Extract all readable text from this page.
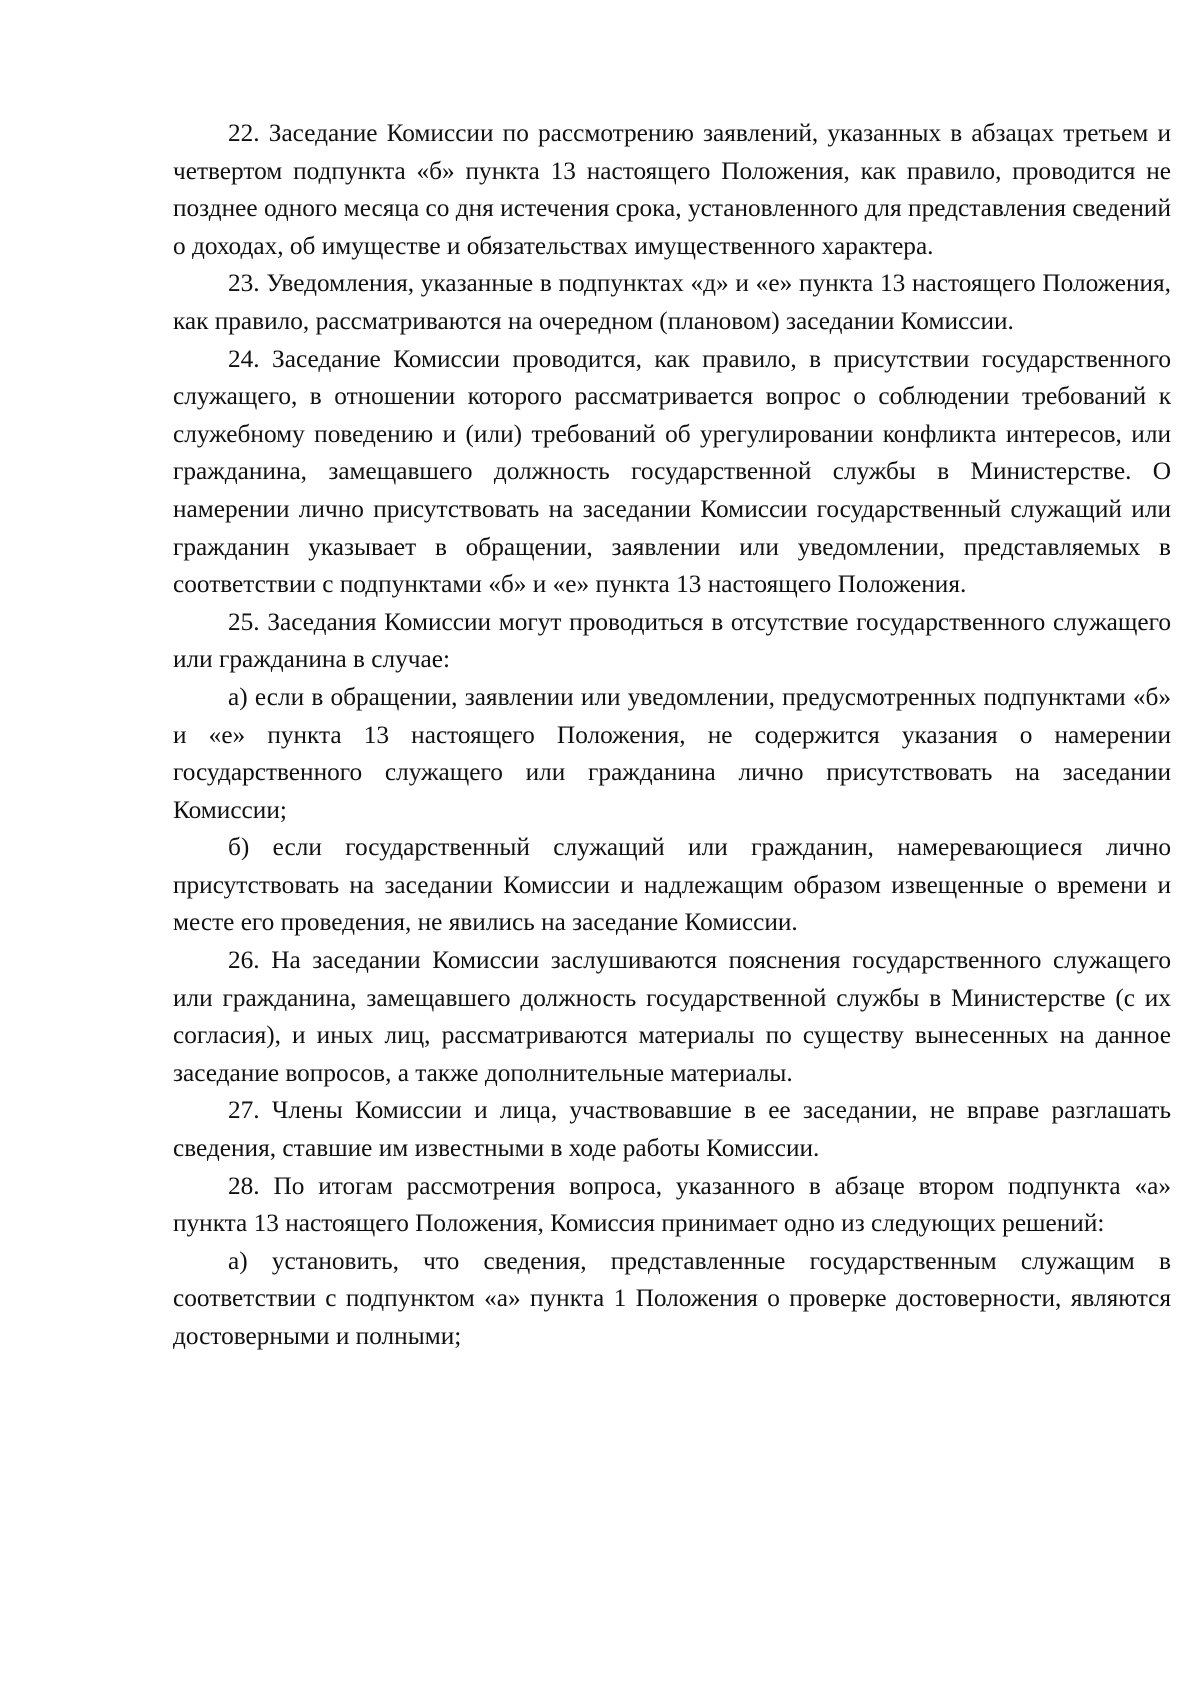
22. Заседание Комиссии по рассмотрению заявлений, указанных в абзацах третьем и четвертом подпункта «б» пункта 13 настоящего Положения, как правило, проводится не позднее одного месяца со дня истечения срока, установленного для представления сведений о доходах, об имуществе и обязательствах имущественного характера.

23. Уведомления, указанные в подпунктах «д» и «е» пункта 13 настоящего Положения, как правило, рассматриваются на очередном (плановом) заседании Комиссии.

24. Заседание Комиссии проводится, как правило, в присутствии государственного служащего, в отношении которого рассматривается вопрос о соблюдении требований к служебному поведению и (или) требований об урегулировании конфликта интересов, или гражданина, замещавшего должность государственной службы в Министерстве. О намерении лично присутствовать на заседании Комиссии государственный служащий или гражданин указывает в обращении, заявлении или уведомлении, представляемых в соответствии с подпунктами «б» и «е» пункта 13 настоящего Положения.

25. Заседания Комиссии могут проводиться в отсутствие государственного служащего или гражданина в случае:

а) если в обращении, заявлении или уведомлении, предусмотренных подпунктами «б» и «е» пункта 13 настоящего Положения, не содержится указания о намерении государственного служащего или гражданина лично присутствовать на заседании Комиссии;

б) если государственный служащий или гражданин, намеревающиеся лично присутствовать на заседании Комиссии и надлежащим образом извещенные о времени и месте его проведения, не явились на заседание Комиссии.

26. На заседании Комиссии заслушиваются пояснения государственного служащего или гражданина, замещавшего должность государственной службы в Министерстве (с их согласия), и иных лиц, рассматриваются материалы по существу вынесенных на данное заседание вопросов, а также дополнительные материалы.

27. Члены Комиссии и лица, участвовавшие в ее заседании, не вправе разглашать сведения, ставшие им известными в ходе работы Комиссии.

28. По итогам рассмотрения вопроса, указанного в абзаце втором подпункта «а» пункта 13 настоящего Положения, Комиссия принимает одно из следующих решений:

а) установить, что сведения, представленные государственным служащим в соответствии с подпунктом «а» пункта 1 Положения о проверке достоверности, являются достоверными и полными;
